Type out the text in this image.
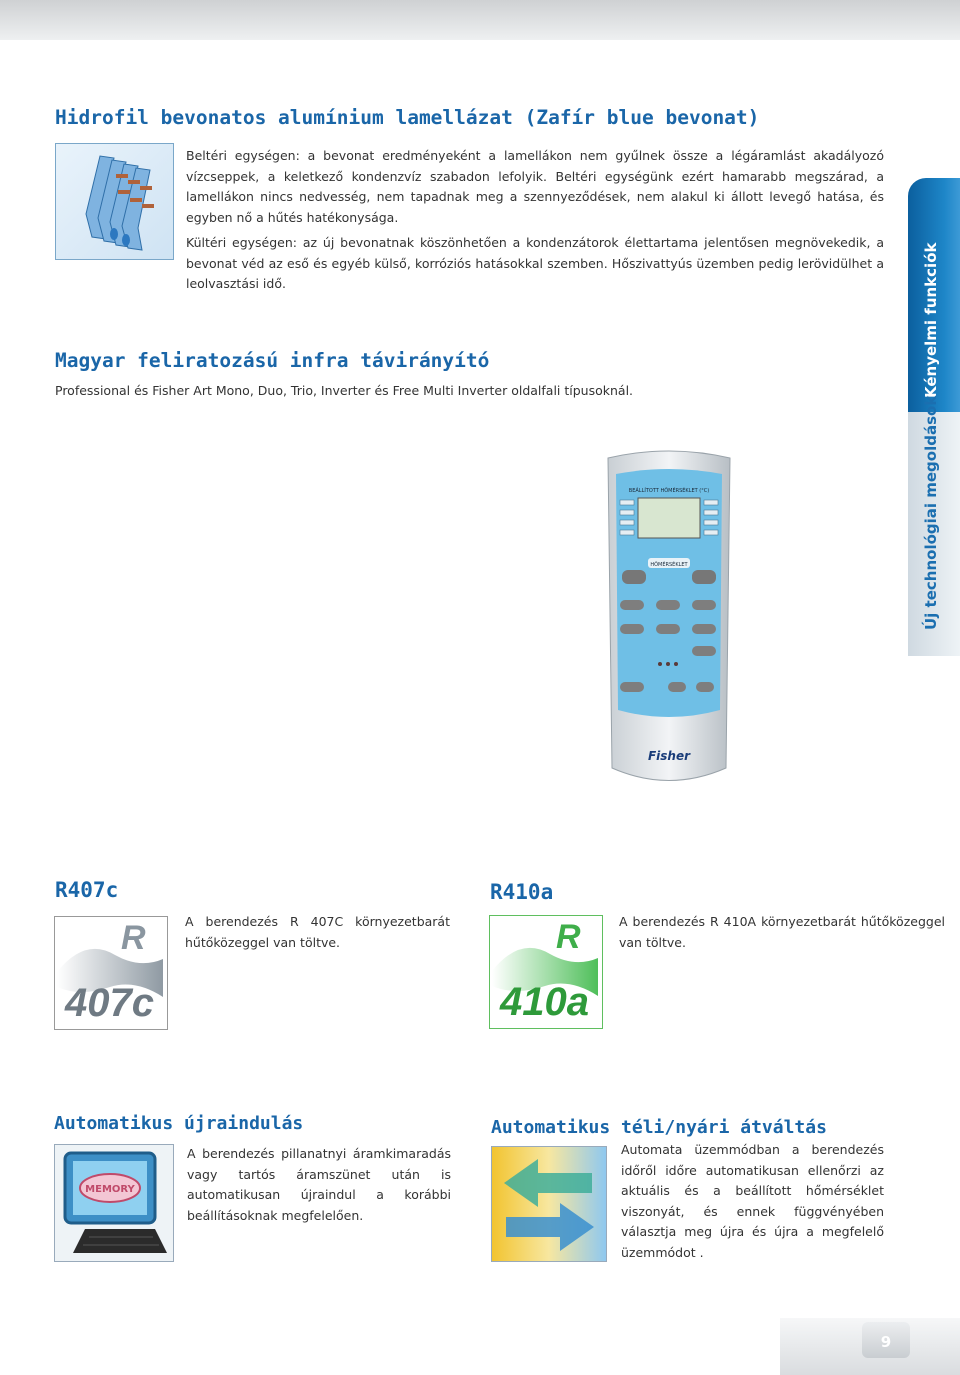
Kényelmi funkciók
Új technológiai megoldások
Hidrofil bevonatos alumínium lamellázat (Zafír blue bevonat)

Beltéri egységen: a bevonat eredményeként a lamellákon nem gyűlnek össze a légáramlást akadályozó vízcseppek, a keletkező kondenzvíz szabadon lefolyik. Beltéri egységünk ezért hamarabb megszárad, a lamellákon nincs nedvesség, nem tapadnak meg a szennyeződések, nem alakul ki állott levegő hatása, és egyben nő a hűtés hatékonysága.

Kültéri egységen: az új bevonatnak köszönhetően a kondenzátorok élettartama jelentősen megnövekedik, a bevonat véd az eső és egyéb külső, korróziós hatásokkal szemben. Hőszivattyús üzemben pedig lerövidülhet a leolvasztási idő.

Magyar feliratozású infra távirányító

Professional és Fisher Art Mono, Duo, Trio, Inverter és Free Multi Inverter oldalfali típusoknál.

BEÁLLÍTOTT HŐMÉRSÉKLET (°C)
HŐMÉRSÉKLET
Fisher
R407c
R
407c

A berendezés R 407C környezetbarát hűtőközeggel van töltve.

R410a
R
410a

A berendezés R 410A környezetbarát hűtőközeggel van töltve.

Automatikus újraindulás
MEMORY

A berendezés pillanatnyi áramkimaradás vagy tartós áramszünet után is automatikusan újraindul a korábbi beállításoknak megfelelően.

Automatikus téli/nyári átváltás

Automata üzemmódban a berendezés időről időre automatikusan ellenőrzi az aktuális és a beállított hőmérséklet viszonyát, és ennek függvényében választja meg újra és újra a megfelelő üzemmódot .

9
